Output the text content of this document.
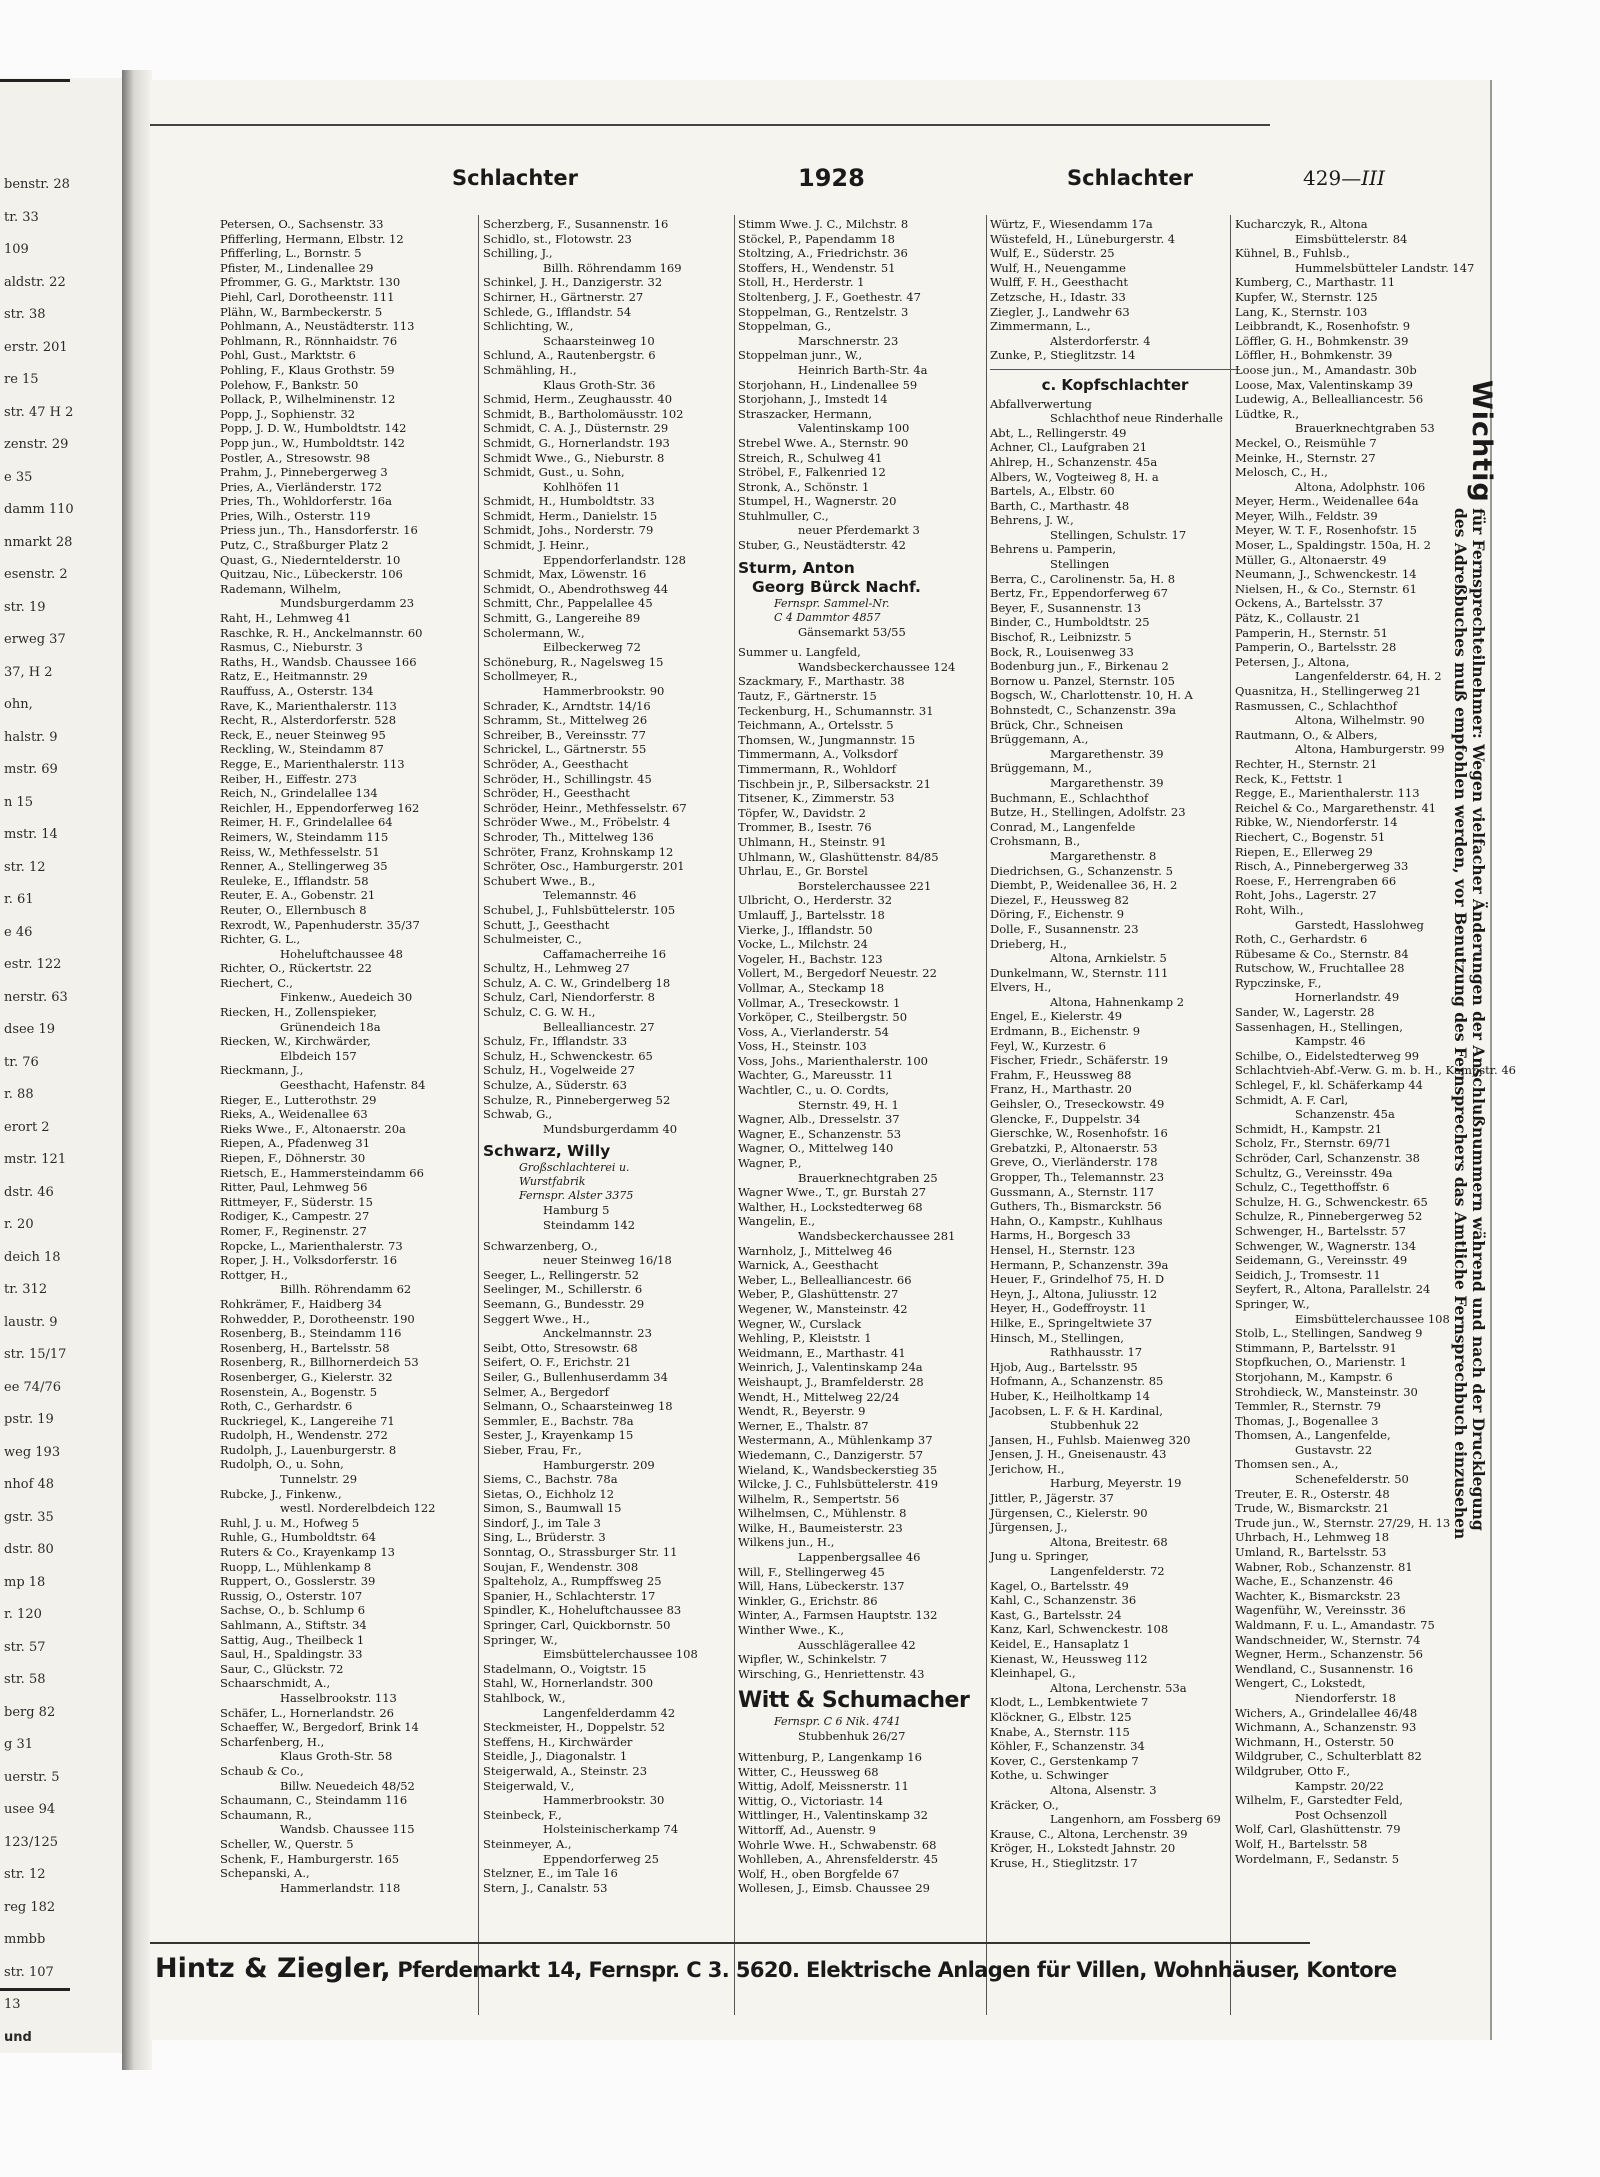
benstr. 28
tr. 33
109
aldstr. 22
str. 38
erstr. 201
re 15
str. 47 H 2
zenstr. 29
e 35
damm 110
nmarkt 28
esenstr. 2
str. 19
erweg 37
37, H 2
ohn,
halstr. 9
mstr. 69
n 15
mstr. 14
str. 12
r. 61
e 46
estr. 122
nerstr. 63
dsee 19
tr. 76
r. 88
erort 2
mstr. 121
dstr. 46
r. 20
deich 18
tr. 312
laustr. 9
str. 15/17
ee 74/76
pstr. 19
weg 193
nhof 48
gstr. 35
dstr. 80
mp 18
r. 120
str. 57
str. 58
berg 82
g 31
uerstr. 5
usee 94
123/125
str. 12
reg 182
mmbb
str. 107
13
und
Schlachter	1928	Schlachter	429—III
Petersen, O., Sachsenstr. 33
Pfifferling, Hermann, Elbstr. 12
Pfifferling, L., Bornstr. 5
Pfister, M., Lindenallee 29
Pfrommer, G. G., Marktstr. 130
Piehl, Carl, Dorotheenstr. 111
Plähn, W., Barmbeckerstr. 5
Pohlmann, A., Neustädterstr. 113
Pohlmann, R., Rönnhaidstr. 76
Pohl, Gust., Marktstr. 6
Pohling, F., Klaus Grothstr. 59
Polehow, F., Bankstr. 50
Pollack, P., Wilhelminenstr. 12
Popp, J., Sophienstr. 32
Popp, J. D. W., Humboldtstr. 142
Popp jun., W., Humboldtstr. 142
Postler, A., Stresowstr. 98
Prahm, J., Pinnebergerweg 3
Pries, A., Vierländerstr. 172
Pries, Th., Wohldorferstr. 16a
Pries, Wilh., Osterstr. 119
Priess jun., Th., Hansdorferstr. 16
Putz, C., Straßburger Platz 2
Quast, G., Niederntelderstr. 10
Quitzau, Nic., Lübeckerstr. 106
Rademann, Wilhelm,
Mundsburgerdamm 23
Raht, H., Lehmweg 41
Raschke, R. H., Anckelmannstr. 60
Rasmus, C., Nieburstr. 3
Raths, H., Wandsb. Chaussee 166
Ratz, E., Heitmannstr. 29
Rauffuss, A., Osterstr. 134
Rave, K., Marienthalerstr. 113
Recht, R., Alsterdorferstr. 528
Reck, E., neuer Steinweg 95
Reckling, W., Steindamm 87
Regge, E., Marienthalerstr. 113
Reiber, H., Eiffestr. 273
Reich, N., Grindelallee 134
Reichler, H., Eppendorferweg 162
Reimer, H. F., Grindelallee 64
Reimers, W., Steindamm 115
Reiss, W., Methfesselstr. 51
Renner, A., Stellingerweg 35
Reuleke, E., Ifflandstr. 58
Reuter, E. A., Gobenstr. 21
Reuter, O., Ellernbusch 8
Rexrodt, W., Papenhuderstr. 35/37
Richter, G. L.,
Hoheluftchaussee 48
Richter, O., Rückertstr. 22
Riechert, C.,
Finkenw., Auedeich 30
Riecken, H., Zollenspieker,
Grünendeich 18a
Riecken, W., Kirchwärder,
Elbdeich 157
Rieckmann, J.,
Geesthacht, Hafenstr. 84
Rieger, E., Lutterothstr. 29
Rieks, A., Weidenallee 63
Rieks Wwe., F., Altonaerstr. 20a
Riepen, A., Pfadenweg 31
Riepen, F., Döhnerstr. 30
Rietsch, E., Hammersteindamm 66
Ritter, Paul, Lehmweg 56
Rittmeyer, F., Süderstr. 15
Rodiger, K., Campestr. 27
Romer, F., Reginenstr. 27
Ropcke, L., Marienthalerstr. 73
Roper, J. H., Volksdorferstr. 16
Rottger, H.,
Billh. Röhrendamm 62
Rohkrämer, F., Haidberg 34
Rohwedder, P., Dorotheenstr. 190
Rosenberg, B., Steindamm 116
Rosenberg, H., Bartelsstr. 58
Rosenberg, R., Billhornerdeich 53
Rosenberger, G., Kielerstr. 32
Rosenstein, A., Bogenstr. 5
Roth, C., Gerhardstr. 6
Ruckriegel, K., Langereihe 71
Rudolph, H., Wendenstr. 272
Rudolph, J., Lauenburgerstr. 8
Rudolph, O., u. Sohn,
Tunnelstr. 29
Rubcke, J., Finkenw.,
westl. Norderelbdeich 122
Ruhl, J. u. M., Hofweg 5
Ruhle, G., Humboldtstr. 64
Ruters & Co., Krayenkamp 13
Ruopp, L., Mühlenkamp 8
Ruppert, O., Gosslerstr. 39
Russig, O., Osterstr. 107
Sachse, O., b. Schlump 6
Sahlmann, A., Stiftstr. 34
Sattig, Aug., Theilbeck 1
Saul, H., Spaldingstr. 33
Saur, C., Glückstr. 72
Schaarschmidt, A.,
Hasselbrookstr. 113
Schäfer, L., Hornerlandstr. 26
Schaeffer, W., Bergedorf, Brink 14
Scharfenberg, H.,
Klaus Groth-Str. 58
Schaub & Co.,
Billw. Neuedeich 48/52
Schaumann, C., Steindamm 116
Schaumann, R.,
Wandsb. Chaussee 115
Scheller, W., Querstr. 5
Schenk, F., Hamburgerstr. 165
Schepanski, A.,
Hammerlandstr. 118
Scherzberg, F., Susannenstr. 16
Schidlo, st., Flotowstr. 23
Schilling, J.,
Billh. Röhrendamm 169
Schinkel, J. H., Danzigerstr. 32
Schirner, H., Gärtnerstr. 27
Schlede, G., Ifflandstr. 54
Schlichting, W.,
Schaarsteinweg 10
Schlund, A., Rautenbergstr. 6
Schmähling, H.,
Klaus Groth-Str. 36
Schmid, Herm., Zeughausstr. 40
Schmidt, B., Bartholomäusstr. 102
Schmidt, C. A. J., Düsternstr. 29
Schmidt, G., Hornerlandstr. 193
Schmidt Wwe., G., Nieburstr. 8
Schmidt, Gust., u. Sohn,
Kohlhöfen 11
Schmidt, H., Humboldtstr. 33
Schmidt, Herm., Danielstr. 15
Schmidt, Johs., Norderstr. 79
Schmidt, J. Heinr.,
Eppendorferlandstr. 128
Schmidt, Max, Löwenstr. 16
Schmidt, O., Abendrothsweg 44
Schmitt, Chr., Pappelallee 45
Schmitt, G., Langereihe 89
Scholermann, W.,
Eilbeckerweg 72
Schöneburg, R., Nagelsweg 15
Schollmeyer, R.,
Hammerbrookstr. 90
Schrader, K., Arndtstr. 14/16
Schramm, St., Mittelweg 26
Schreiber, B., Vereinsstr. 77
Schrickel, L., Gärtnerstr. 55
Schröder, A., Geesthacht
Schröder, H., Schillingstr. 45
Schröder, H., Geesthacht
Schröder, Heinr., Methfesselstr. 67
Schröder Wwe., M., Fröbelstr. 4
Schroder, Th., Mittelweg 136
Schröter, Franz, Krohnskamp 12
Schröter, Osc., Hamburgerstr. 201
Schubert Wwe., B.,
Telemannstr. 46
Schubel, J., Fuhlsbüttelerstr. 105
Schutt, J., Geesthacht
Schulmeister, C.,
Caffamacherreihe 16
Schultz, H., Lehmweg 27
Schulz, A. C. W., Grindelberg 18
Schulz, Carl, Niendorferstr. 8
Schulz, C. G. W. H.,
Bellealliancestr. 27
Schulz, Fr., Ifflandstr. 33
Schulz, H., Schwenckestr. 65
Schulz, H., Vogelweide 27
Schulze, A., Süderstr. 63
Schulze, R., Pinnebergerweg 52
Schwab, G.,
Mundsburgerdamm 40
Schwarz, Willy
Großschlachterei u.
Wurstfabrik
Fernspr. Alster 3375
Hamburg 5
Steindamm 142
Schwarzenberg, O.,
neuer Steinweg 16/18
Seeger, L., Rellingerstr. 52
Seelinger, M., Schillerstr. 6
Seemann, G., Bundesstr. 29
Seggert Wwe., H.,
Anckelmannstr. 23
Seibt, Otto, Stresowstr. 68
Seifert, O. F., Erichstr. 21
Seiler, G., Bullenhuserdamm 34
Selmer, A., Bergedorf
Selmann, O., Schaarsteinweg 18
Semmler, E., Bachstr. 78a
Sester, J., Krayenkamp 15
Sieber, Frau, Fr.,
Hamburgerstr. 209
Siems, C., Bachstr. 78a
Sietas, O., Eichholz 12
Simon, S., Baumwall 15
Sindorf, J., im Tale 3
Sing, L., Brüderstr. 3
Sonntag, O., Strassburger Str. 11
Soujan, F., Wendenstr. 308
Spalteholz, A., Rumpffsweg 25
Spanier, H., Schlachterstr. 17
Spindler, K., Hoheluftchaussee 83
Springer, Carl, Quickbornstr. 50
Springer, W.,
Eimsbüttelerchaussee 108
Stadelmann, O., Voigtstr. 15
Stahl, W., Hornerlandstr. 300
Stahlbock, W.,
Langenfelderdamm 42
Steckmeister, H., Doppelstr. 52
Steffens, H., Kirchwärder
Steidle, J., Diagonalstr. 1
Steigerwald, A., Steinstr. 23
Steigerwald, V.,
Hammerbrookstr. 30
Steinbeck, F.,
Holsteinischerkamp 74
Steinmeyer, A.,
Eppendorferweg 25
Stelzner, E., im Tale 16
Stern, J., Canalstr. 53
Stimm Wwe. J. C., Milchstr. 8
Stöckel, P., Papendamm 18
Stoltzing, A., Friedrichstr. 36
Stoffers, H., Wendenstr. 51
Stoll, H., Herderstr. 1
Stoltenberg, J. F., Goethestr. 47
Stoppelman, G., Rentzelstr. 3
Stoppelman, G.,
Marschnerstr. 23
Stoppelman junr., W.,
Heinrich Barth-Str. 4a
Storjohann, H., Lindenallee 59
Storjohann, J., Imstedt 14
Straszacker, Hermann,
Valentinskamp 100
Strebel Wwe. A., Sternstr. 90
Streich, R., Schulweg 41
Ströbel, F., Falkenried 12
Stronk, A., Schönstr. 1
Stumpel, H., Wagnerstr. 20
Stuhlmuller, C.,
neuer Pferdemarkt 3
Stuber, G., Neustädterstr. 42
Sturm, Anton
Georg Bürck Nachf.
Fernspr. Sammel-Nr.
C 4 Dammtor 4857
Gänsemarkt 53/55
Summer u. Langfeld,
Wandsbeckerchaussee 124
Szackmary, F., Marthastr. 38
Tautz, F., Gärtnerstr. 15
Teckenburg, H., Schumannstr. 31
Teichmann, A., Ortelsstr. 5
Thomsen, W., Jungmannstr. 15
Timmermann, A., Volksdorf
Timmermann, R., Wohldorf
Tischbein jr., P., Silbersackstr. 21
Titsener, K., Zimmerstr. 53
Töpfer, W., Davidstr. 2
Trommer, B., Isestr. 76
Uhlmann, H., Steinstr. 91
Uhlmann, W., Glashüttenstr. 84/85
Uhrlau, E., Gr. Borstel
Borstelerchaussee 221
Ulbricht, O., Herderstr. 32
Umlauff, J., Bartelsstr. 18
Vierke, J., Ifflandstr. 50
Vocke, L., Milchstr. 24
Vogeler, H., Bachstr. 123
Vollert, M., Bergedorf Neuestr. 22
Vollmar, A., Steckamp 18
Vollmar, A., Treseckowstr. 1
Vorköper, C., Steilbergstr. 50
Voss, A., Vierlanderstr. 54
Voss, H., Steinstr. 103
Voss, Johs., Marienthalerstr. 100
Wachter, G., Mareusstr. 11
Wachtler, C., u. O. Cordts,
Sternstr. 49, H. 1
Wagner, Alb., Dresselstr. 37
Wagner, E., Schanzenstr. 53
Wagner, O., Mittelweg 140
Wagner, P.,
Brauerknechtgraben 25
Wagner Wwe., T., gr. Burstah 27
Walther, H., Lockstedterweg 68
Wangelin, E.,
Wandsbeckerchaussee 281
Warnholz, J., Mittelweg 46
Warnick, A., Geesthacht
Weber, L., Bellealliancestr. 66
Weber, P., Glashüttenstr. 27
Wegener, W., Mansteinstr. 42
Wegner, W., Curslack
Wehling, P., Kleiststr. 1
Weidmann, E., Marthastr. 41
Weinrich, J., Valentinskamp 24a
Weishaupt, J., Bramfelderstr. 28
Wendt, H., Mittelweg 22/24
Wendt, R., Beyerstr. 9
Werner, E., Thalstr. 87
Westermann, A., Mühlenkamp 37
Wiedemann, C., Danzigerstr. 57
Wieland, K., Wandsbeckerstieg 35
Wilcke, J. C., Fuhlsbüttelerstr. 419
Wilhelm, R., Sempertstr. 56
Wilhelmsen, C., Mühlenstr. 8
Wilke, H., Baumeisterstr. 23
Wilkens jun., H.,
Lappenbergsallee 46
Will, F., Stellingerweg 45
Will, Hans, Lübeckerstr. 137
Winkler, G., Erichstr. 86
Winter, A., Farmsen Hauptstr. 132
Winther Wwe., K.,
Ausschlägerallee 42
Wipfler, W., Schinkelstr. 7
Wirsching, G., Henriettenstr. 43
Witt & Schumacher
Fernspr. C 6 Nik. 4741
Stubbenhuk 26/27
Wittenburg, P., Langenkamp 16
Witter, C., Heussweg 68
Wittig, Adolf, Meissnerstr. 11
Wittig, O., Victoriastr. 14
Wittlinger, H., Valentinskamp 32
Wittorff, Ad., Auenstr. 9
Wohrle Wwe. H., Schwabenstr. 68
Wohlleben, A., Ahrensfelderstr. 45
Wolf, H., oben Borgfelde 67
Wollesen, J., Eimsb. Chaussee 29
Würtz, F., Wiesendamm 17a
Wüstefeld, H., Lüneburgerstr. 4
Wulf, E., Süderstr. 25
Wulf, H., Neuengamme
Wulff, F. H., Geesthacht
Zetzsche, H., Idastr. 33
Ziegler, J., Landwehr 63
Zimmermann, L.,
Alsterdorferstr. 4
Zunke, P., Stieglitzstr. 14
c. Kopfschlachter
Abfallverwertung
Schlachthof neue Rinderhalle
Abt, L., Rellingerstr. 49
Achner, Cl., Laufgraben 21
Ahlrep, H., Schanzenstr. 45a
Albers, W., Vogteiweg 8, H. a
Bartels, A., Elbstr. 60
Barth, C., Marthastr. 48
Behrens, J. W.,
Stellingen, Schulstr. 17
Behrens u. Pamperin,
Stellingen
Berra, C., Carolinenstr. 5a, H. 8
Bertz, Fr., Eppendorferweg 67
Beyer, F., Susannenstr. 13
Binder, C., Humboldtstr. 25
Bischof, R., Leibnizstr. 5
Bock, R., Louisenweg 33
Bodenburg jun., F., Birkenau 2
Bornow u. Panzel, Sternstr. 105
Bogsch, W., Charlottenstr. 10, H. A
Bohnstedt, C., Schanzenstr. 39a
Brück, Chr., Schneisen
Brüggemann, A.,
Margarethenstr. 39
Brüggemann, M.,
Margarethenstr. 39
Buchmann, E., Schlachthof
Butze, H., Stellingen, Adolfstr. 23
Conrad, M., Langenfelde
Crohsmann, B.,
Margarethenstr. 8
Diedrichsen, G., Schanzenstr. 5
Diembt, P., Weidenallee 36, H. 2
Diezel, F., Heussweg 82
Döring, F., Eichenstr. 9
Dolle, F., Susannenstr. 23
Drieberg, H.,
Altona, Arnkielstr. 5
Dunkelmann, W., Sternstr. 111
Elvers, H.,
Altona, Hahnenkamp 2
Engel, E., Kielerstr. 49
Erdmann, B., Eichenstr. 9
Feyl, W., Kurzestr. 6
Fischer, Friedr., Schäferstr. 19
Frahm, F., Heussweg 88
Franz, H., Marthastr. 20
Geihsler, O., Treseckowstr. 49
Glencke, F., Duppelstr. 34
Gierschke, W., Rosenhofstr. 16
Grebatzki, P., Altonaerstr. 53
Greve, O., Vierländerstr. 178
Gropper, Th., Telemannstr. 23
Gussmann, A., Sternstr. 117
Guthers, Th., Bismarckstr. 56
Hahn, O., Kampstr., Kuhlhaus
Harms, H., Borgesch 33
Hensel, H., Sternstr. 123
Hermann, P., Schanzenstr. 39a
Heuer, F., Grindelhof 75, H. D
Heyn, J., Altona, Juliusstr. 12
Heyer, H., Godeffroystr. 11
Hilke, E., Springeltwiete 37
Hinsch, M., Stellingen,
Rathhausstr. 17
Hjob, Aug., Bartelsstr. 95
Hofmann, A., Schanzenstr. 85
Huber, K., Heilholtkamp 14
Jacobsen, L. F. & H. Kardinal,
Stubbenhuk 22
Jansen, H., Fuhlsb. Maienweg 320
Jensen, J. H., Gneisenaustr. 43
Jerichow, H.,
Harburg, Meyerstr. 19
Jittler, P., Jägerstr. 37
Jürgensen, C., Kielerstr. 90
Jürgensen, J.,
Altona, Breitestr. 68
Jung u. Springer,
Langenfelderstr. 72
Kagel, O., Bartelsstr. 49
Kahl, C., Schanzenstr. 36
Kast, G., Bartelsstr. 24
Kanz, Karl, Schwenckestr. 108
Keidel, E., Hansaplatz 1
Kienast, W., Heussweg 112
Kleinhapel, G.,
Altona, Lerchenstr. 53a
Klodt, L., Lembkentwiete 7
Klöckner, G., Elbstr. 125
Knabe, A., Sternstr. 115
Köhler, F., Schanzenstr. 34
Kover, C., Gerstenkamp 7
Kothe, u. Schwinger
Altona, Alsenstr. 3
Kräcker, O.,
Langenhorn, am Fossberg 69
Krause, C., Altona, Lerchenstr. 39
Kröger, H., Lokstedt Jahnstr. 20
Kruse, H., Stieglitzstr. 17
Kucharczyk, R., Altona
Eimsbüttelerstr. 84
Kühnel, B., Fuhlsb.,
Hummelsbütteler Landstr. 147
Kumberg, C., Marthastr. 11
Kupfer, W., Sternstr. 125
Lang, K., Sternstr. 103
Leibbrandt, K., Rosenhofstr. 9
Löffler, G. H., Bohmkenstr. 39
Löffler, H., Bohmkenstr. 39
Loose jun., M., Amandastr. 30b
Loose, Max, Valentinskamp 39
Ludewig, A., Bellealliancestr. 56
Lüdtke, R.,
Brauerknechtgraben 53
Meckel, O., Reismühle 7
Meinke, H., Sternstr. 27
Melosch, C., H.,
Altona, Adolphstr. 106
Meyer, Herm., Weidenallee 64a
Meyer, Wilh., Feldstr. 39
Meyer, W. T. F., Rosenhofstr. 15
Moser, L., Spaldingstr. 150a, H. 2
Müller, G., Altonaerstr. 49
Neumann, J., Schwenckestr. 14
Nielsen, H., & Co., Sternstr. 61
Ockens, A., Bartelsstr. 37
Pätz, K., Collaustr. 21
Pamperin, H., Sternstr. 51
Pamperin, O., Bartelsstr. 28
Petersen, J., Altona,
Langenfelderstr. 64, H. 2
Quasnitza, H., Stellingerweg 21
Rasmussen, C., Schlachthof
Altona, Wilhelmstr. 90
Rautmann, O., & Albers,
Altona, Hamburgerstr. 99
Rechter, H., Sternstr. 21
Reck, K., Fettstr. 1
Regge, E., Marienthalerstr. 113
Reichel & Co., Margarethenstr. 41
Ribke, W., Niendorferstr. 14
Riechert, C., Bogenstr. 51
Riepen, E., Ellerweg 29
Risch, A., Pinnebergerweg 33
Roese, F., Herrengraben 66
Roht, Johs., Lagerstr. 27
Roht, Wilh.,
Garstedt, Hasslohweg
Roth, C., Gerhardstr. 6
Rübesame & Co., Sternstr. 84
Rutschow, W., Fruchtallee 28
Rypczinske, F.,
Hornerlandstr. 49
Sander, W., Lagerstr. 28
Sassenhagen, H., Stellingen,
Kampstr. 46
Schilbe, O., Eidelstedterweg 99
Schlachtvieh-Abf.-Verw. G. m. b. H., Kampstr. 46
Schlegel, F., kl. Schäferkamp 44
Schmidt, A. F. Carl,
Schanzenstr. 45a
Schmidt, H., Kampstr. 21
Scholz, Fr., Sternstr. 69/71
Schröder, Carl, Schanzenstr. 38
Schultz, G., Vereinsstr. 49a
Schulz, C., Tegetthoffstr. 6
Schulze, H. G., Schwenckestr. 65
Schulze, R., Pinnebergerweg 52
Schwenger, H., Bartelsstr. 57
Schwenger, W., Wagnerstr. 134
Seidemann, G., Vereinsstr. 49
Seidich, J., Tromsestr. 11
Seyfert, R., Altona, Parallelstr. 24
Springer, W.,
Eimsbüttelerchaussee 108
Stolb, L., Stellingen, Sandweg 9
Stimmann, P., Bartelsstr. 91
Stopfkuchen, O., Marienstr. 1
Storjohann, M., Kampstr. 6
Strohdieck, W., Mansteinstr. 30
Temmler, R., Sternstr. 79
Thomas, J., Bogenallee 3
Thomsen, A., Langenfelde,
Gustavstr. 22
Thomsen sen., A.,
Schenefelderstr. 50
Treuter, E. R., Osterstr. 48
Trude, W., Bismarckstr. 21
Trude jun., W., Sternstr. 27/29, H. 13
Uhrbach, H., Lehmweg 18
Umland, R., Bartelsstr. 53
Wabner, Rob., Schanzenstr. 81
Wache, E., Schanzenstr. 46
Wachter, K., Bismarckstr. 23
Wagenführ, W., Vereinsstr. 36
Waldmann, F. u. L., Amandastr. 75
Wandschneider, W., Sternstr. 74
Wegner, Herm., Schanzenstr. 56
Wendland, C., Susannenstr. 16
Wengert, C., Lokstedt,
Niendorferstr. 18
Wichers, A., Grindelallee 46/48
Wichmann, A., Schanzenstr. 93
Wichmann, H., Osterstr. 50
Wildgruber, C., Schulterblatt 82
Wildgruber, Otto F.,
Kampstr. 20/22
Wilhelm, F., Garstedter Feld,
Post Ochsenzoll
Wolf, Carl, Glashüttenstr. 79
Wolf, H., Bartelsstr. 58
Wordelmann, F., Sedanstr. 5
Wichtig für Fernsprechteilnehmer: Wegen vielfacher Änderungen der Anschlußnummern während und nach der Drucklegung
des Adreßbuches muß empfohlen werden, vor Benutzung des Fernsprechers das Amtliche Fernsprechbuch einzusehen
Hintz & Ziegler, Pferdemarkt 14, Fernspr. C 3. 5620. Elektrische Anlagen für Villen, Wohnhäuser, Kontore
